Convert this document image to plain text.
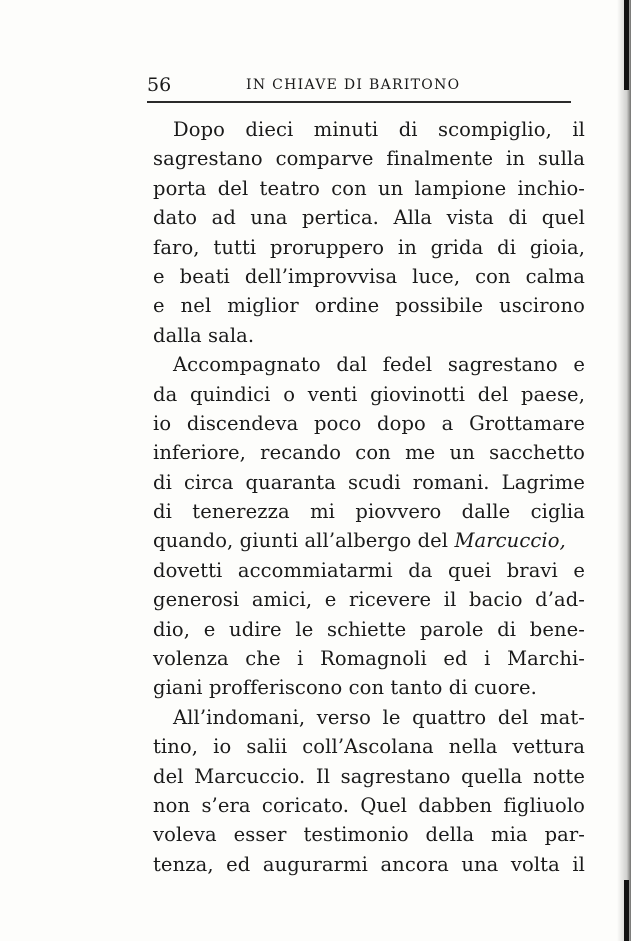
56	IN CHIAVE DI BARITONO
Dopo dieci minuti di scompiglio, il
sagrestano comparve finalmente in sulla
porta del teatro con un lampione inchio-
dato ad una pertica. Alla vista di quel
faro, tutti proruppero in grida di gioia,
e beati dell’improvvisa luce, con calma
e nel miglior ordine possibile uscirono
dalla sala.
Accompagnato dal fedel sagrestano e
da quindici o venti giovinotti del paese,
io discendeva poco dopo a Grottamare
inferiore, recando con me un sacchetto
di circa quaranta scudi romani. Lagrime
di tenerezza mi piovvero dalle ciglia
quando, giunti all’albergo del Marcuccio,
dovetti accommiatarmi da quei bravi e
generosi amici, e ricevere il bacio d’ad-
dio, e udire le schiette parole di bene-
volenza che i Romagnoli ed i Marchi-
giani profferiscono con tanto di cuore.
All’indomani, verso le quattro del mat-
tino, io salii coll’Ascolana nella vettura
del Marcuccio. Il sagrestano quella notte
non s’era coricato. Quel dabben figliuolo
voleva esser testimonio della mia par-
tenza, ed augurarmi ancora una volta il
